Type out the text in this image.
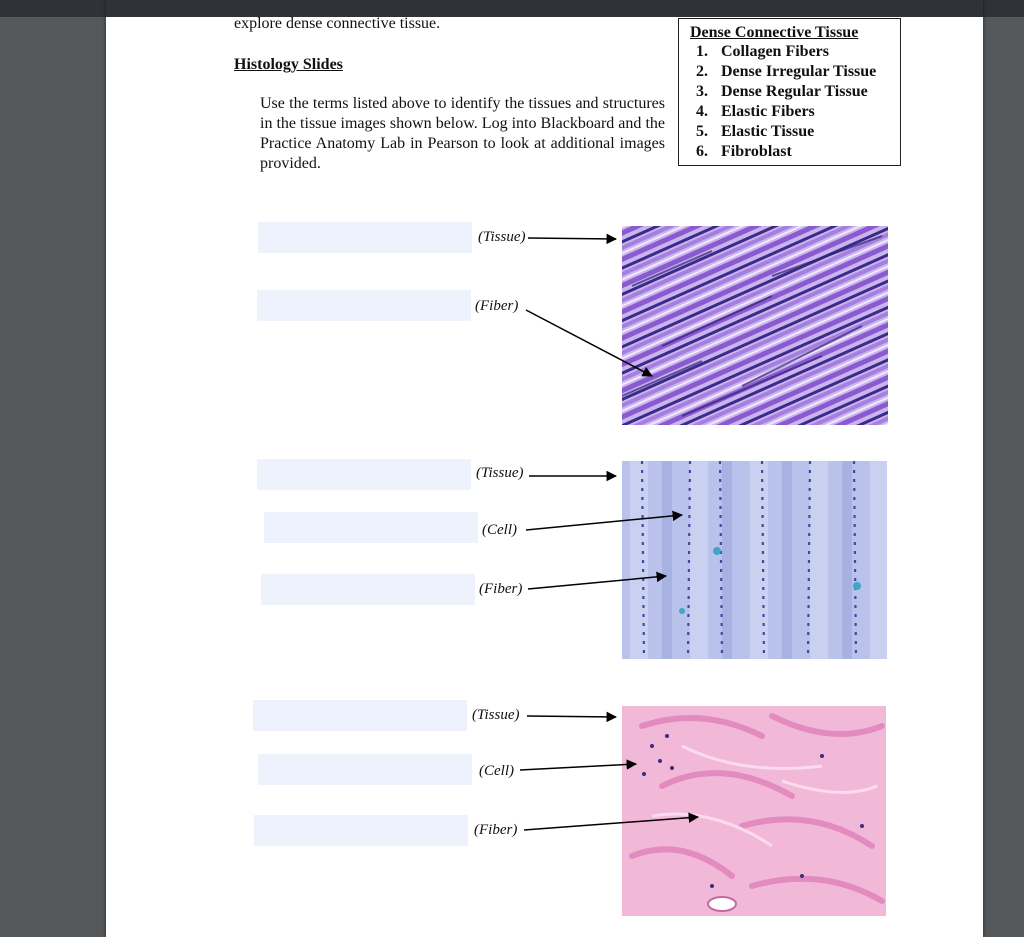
explore dense connective tissue.
Histology Slides
Use the terms listed above to identify the tissues and structures in the tissue images shown below. Log into Blackboard and the Practice Anatomy Lab in Pearson to look at additional images provided.
Dense Connective Tissue
1. Collagen Fibers
2. Dense Irregular Tissue
3. Dense Regular Tissue
4. Elastic Fibers
5. Elastic Tissue
6. Fibroblast
(Tissue)
(Fiber)
(Tissue)
(Cell)
(Fiber)
(Tissue)
(Cell)
(Fiber)
